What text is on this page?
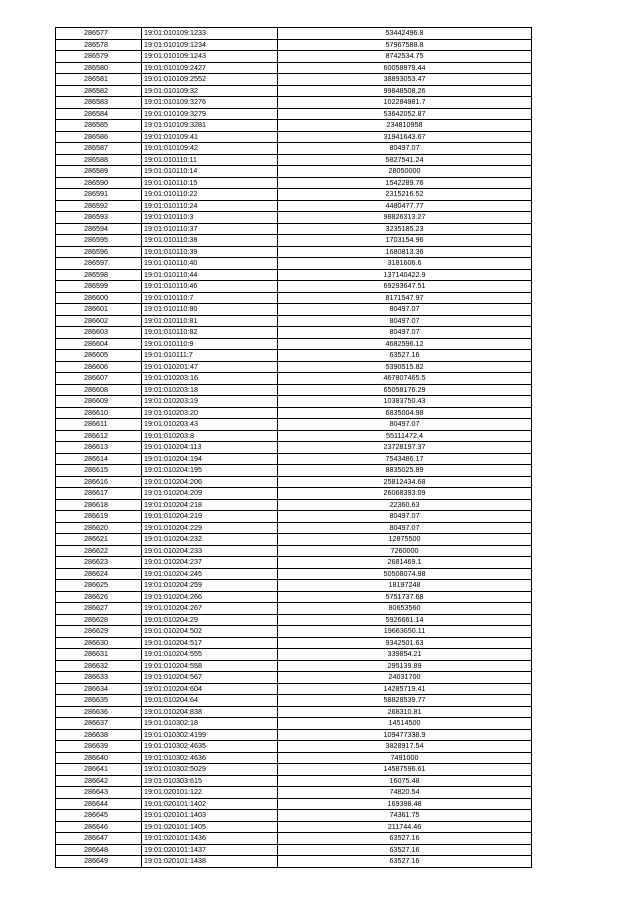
286577	19:01:010109:1233	53442496.8
286578	19:01:010109:1234	57967588.8
286579	19:01:010109:1243	8742534.75
286580	19:01:010109:2427	60058979.44
286581	19:01:010109:2552	38893053.47
286582	19:01:010109:32	99848508.26
286583	19:01:010109:3276	102284981.7
286584	19:01:010109:3279	53642052.87
286585	19:01:010109:3281	234810958
286586	19:01:010109:41	31941643.67
286587	19:01:010109:42	80497.07
286588	19:01:010110:11	5827541.24
286589	19:01:010110:14	28050000
286590	19:01:010110:15	1542289.76
286591	19:01:010110:22	2315216.52
286592	19:01:010110:24	4480477.77
286593	19:01:010110:3	98826313.27
286594	19:01:010110:37	3235185.23
286595	19:01:010110:38	1703154.96
286596	19:01:010110:39	1680813.36
286597	19:01:010110:40	3181606.6
286598	19:01:010110:44	137140422.9
286599	19:01:010110:46	69293647.51
286600	19:01:010110:7	8171547.97
286601	19:01:010110:80	80497.07
286602	19:01:010110:81	80497.07
286603	19:01:010110:82	80497.07
286604	19:01:010110:9	4682596.12
286605	19:01:010111:7	63527.16
286606	19:01:010201:47	5390515.82
286607	19:01:010203:16	467807465.5
286608	19:01:010203:18	65058176.29
286609	19:01:010203:19	10383750.43
286610	19:01:010203:20	6835004.98
286611	19:01:010203:43	80497.07
286612	19:01:010203:8	55111472.4
286613	19:01:010204:113	23728197.37
286614	19:01:010204:194	7543486.17
286615	19:01:010204:195	8835025.89
286616	19:01:010204:206	25812434.68
286617	19:01:010204:209	26068393.09
286618	19:01:010204:218	22360.63
286619	19:01:010204:219	80497.07
286620	19:01:010204:229	80497.07
286621	19:01:010204:232	12875500
286622	19:01:010204:233	7260000
286623	19:01:010204:237	2681469.1
286624	19:01:010204:245	50508074.98
286625	19:01:010204:259	18197248
286626	19:01:010204:266	5751737.68
286627	19:01:010204:267	80653560
286628	19:01:010204:29	5926661.14
286629	19:01:010204:502	19663650.11
286630	19:01:010204:517	9342501.63
286631	19:01:010204:555	339854.21
286632	19:01:010204:558	295139.89
286633	19:01:010204:567	24031700
286634	19:01:010204:604	14285719.41
286635	19:01:010204:64	58828539.77
286636	19:01:010204:838	268310.81
286637	19:01:010302:18	14514500
286638	19:01:010302:4199	109477338.9
286639	19:01:010302:4635	3828917.54
286640	19:01:010302:4636	7491000
286641	19:01:010302:5029	14587596.61
286642	19:01:010303:615	16075.48
286643	19:01:020101:122	74820.54
286644	19:01:020101:1402	169398.48
286645	19:01:020101:1403	74361.75
286646	19:01:020101:1405	211744.46
286647	19:01:020101:1436	63527.16
286648	19:01:020101:1437	63527.16
286649	19:01:020101:1438	63527.16
